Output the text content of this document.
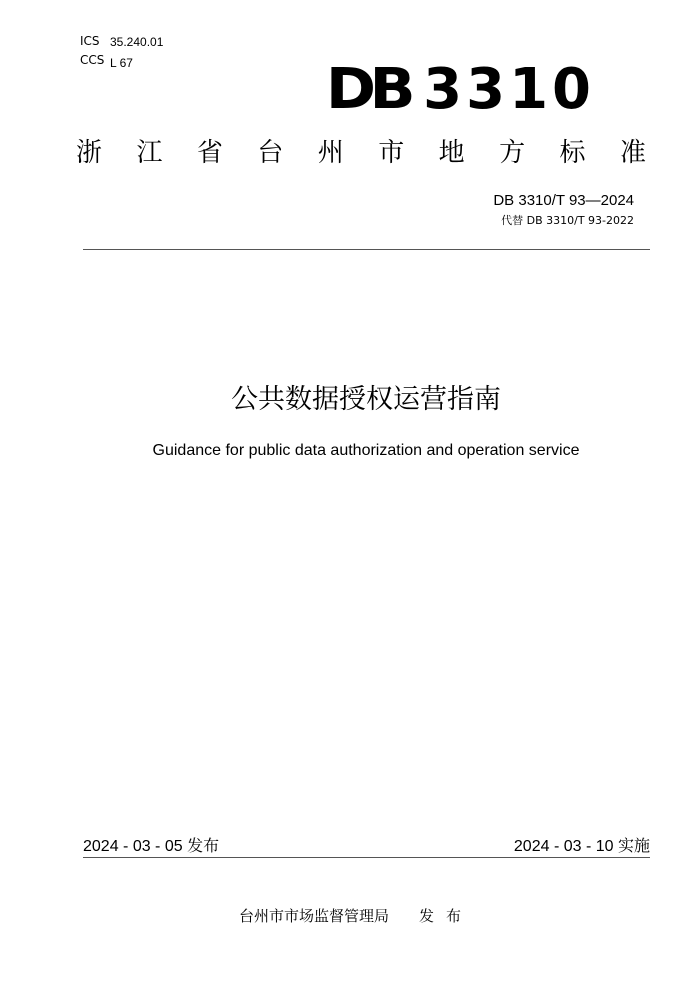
ICS 35.240.01
CCS L 67	DB 3310
浙 江 省 台 州 市 地 方 标 准
DB 3310/T 93—2024
代替 DB 3310/T 93-2022
公共数据授权运营指南
Guidance for public data authorization and operation service
2024 - 03 - 05 发布	2024 - 03 - 10 实施
台州市市场监督管理局 发布
